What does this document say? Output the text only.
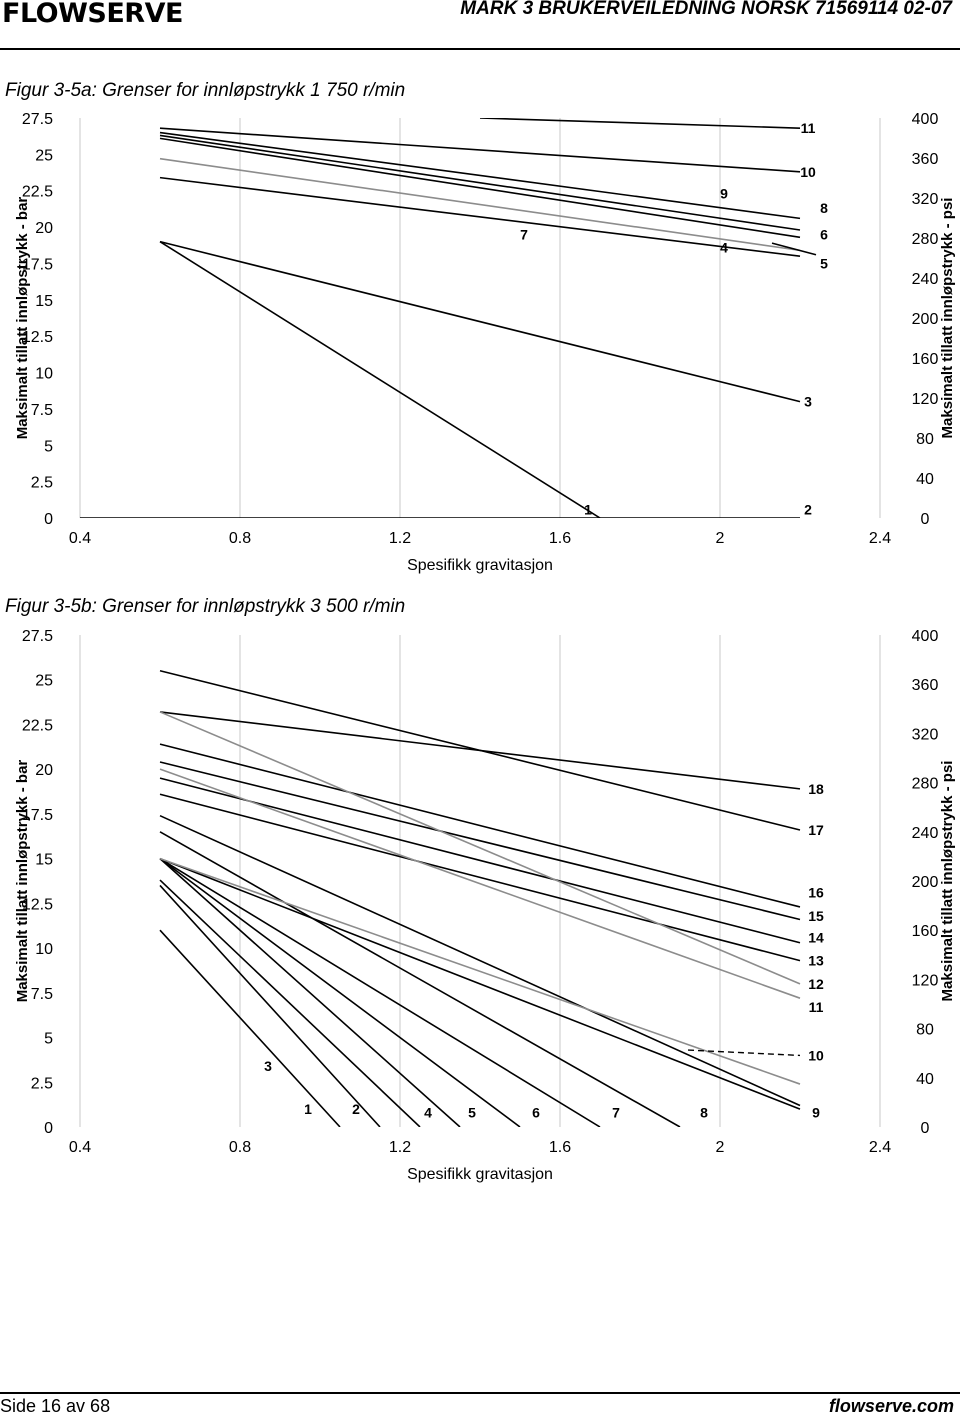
FLOWSERVE	MARK 3 BRUKERVEILEDNING NORSK 71569114 02-07
Figur 3-5a: Grenser for innløpstrykk 1 750 r/min
0.4	0.8	1.2	1.6	2	2.4
0
2.5
5
7.5
10
12.5
15
17.5
20
22.5
25
27.5
0
40
80
120
160
200
240
280
320
360
400
Spesifikk gravitasjon
Maksimalt tillatt innløpstrykk - bar	Maksimalt tillatt innløpstrykk - psi
11
10
9
8
6
5
7
4
3
1	2
Figur 3-5b: Grenser for innløpstrykk 3 500 r/min
0.4	0.8	1.2	1.6	2	2.4
0
2.5
5
7.5
10
12.5
15
17.5
20
22.5
25
27.5
0
40
80
120
160
200
240
280
320
360
400
Spesifikk gravitasjon
Maksimalt tillatt innløpstrykk - bar	Maksimalt tillatt innløpstrykk - psi
18
17
16
15
14
13
12
11
10
9
8
7
6
5
4
2
1
3
Side 16 av 68	flowserve.com
